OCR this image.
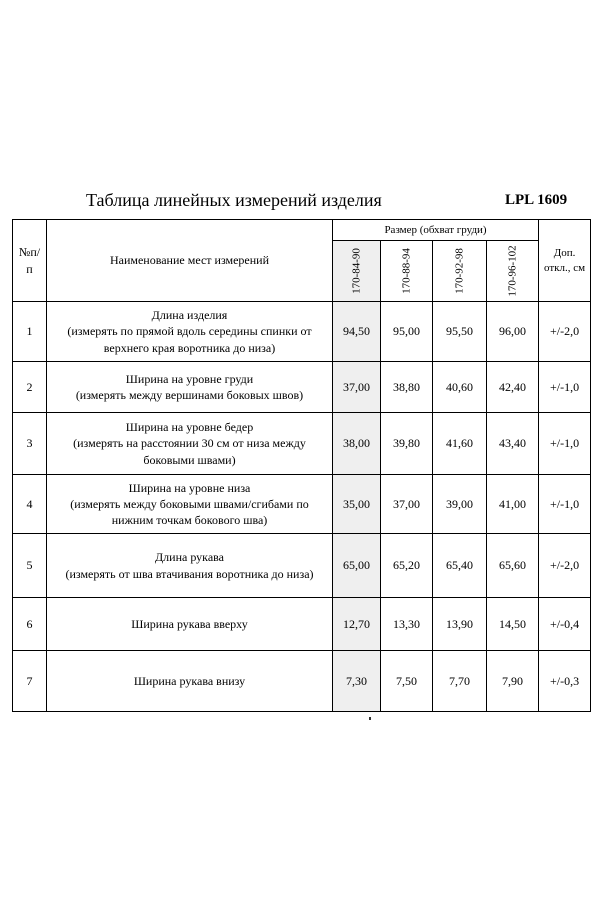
Таблица линейных измерений изделия	LPL 1609
№п/п	Наименование мест измерений	Размер (обхват груди)				Доп.
откл., см

		170-84-90	170-88-94	170-92-98	170-96-102	

1	Длина изделия
(измерять по прямой вдоль середины спинки от
верхнего края воротника до низа)	94,50	95,00	95,50	96,00	+/-2,0
2	Ширина на уровне груди
(измерять между вершинами боковых швов)	37,00	38,80	40,60	42,40	+/-1,0
3	Ширина на уровне бедер
(измерять на расстоянии 30 см от низа между
боковыми швами)	38,00	39,80	41,60	43,40	+/-1,0
4	Ширина на уровне низа
(измерять между боковыми швами/сгибами по
нижним точкам бокового шва)	35,00	37,00	39,00	41,00	+/-1,0
5	Длина рукава
(измерять от шва втачивания воротника до низа)	65,00	65,20	65,40	65,60	+/-2,0
6	Ширина рукава вверху	12,70	13,30	13,90	14,50	+/-0,4
7	Ширина рукава внизу	7,30	7,50	7,70	7,90	+/-0,3
